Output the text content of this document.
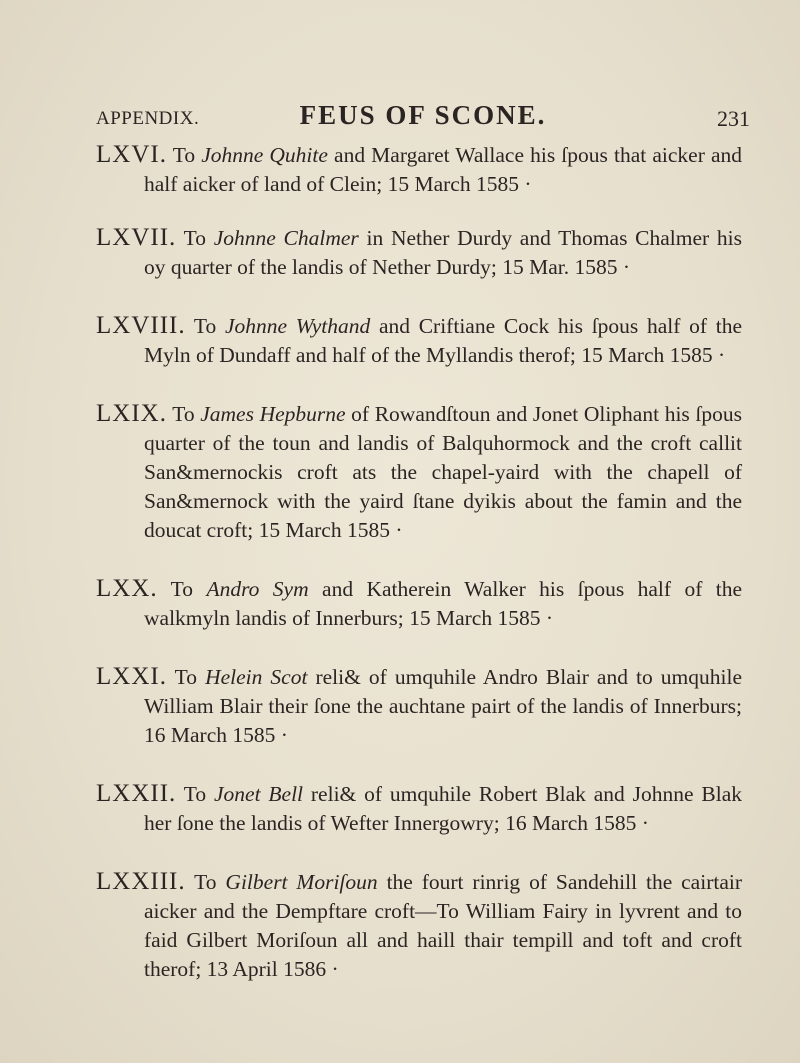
APPENDIX.	FEUS OF SCONE.	231

LXVI. To Johnne Quhite and Margaret Wallace his ſpous that aicker and half aicker of land of Clein; 15 March 1585 ·

LXVII. To Johnne Chalmer in Nether Durdy and Thomas Chalmer his oy quarter of the landis of Nether Durdy; 15 Mar. 1585 ·

LXVIII. To Johnne Wythand and Criftiane Cock his ſpous half of the Myln of Dundaff and half of the Myllandis therof; 15 March 1585 ·

LXIX. To James Hepburne of Rowandſtoun and Jonet Oliphant his ſpous quarter of the toun and landis of Balquhormock and the croft callit San&mernockis croft ats the chapel-yaird with the chapell of San&mernock with the yaird ſtane dyikis about the famin and the doucat croft; 15 March 1585 ·

LXX. To Andro Sym and Katherein Walker his ſpous half of the walkmyln landis of Innerburs; 15 March 1585 ·

LXXI. To Helein Scot reli& of umquhile Andro Blair and to umquhile William Blair their ſone the auchtane pairt of the landis of Innerburs; 16 March 1585 ·

LXXII. To Jonet Bell reli& of umquhile Robert Blak and Johnne Blak her ſone the landis of Wefter Innergowry; 16 March 1585 ·

LXXIII. To Gilbert Moriſoun the fourt rinrig of Sandehill the cairtair aicker and the Dempftare croft—To William Fairy in lyvrent and to faid Gilbert Moriſoun all and haill thair tempill and toft and croft therof; 13 April 1586 ·
